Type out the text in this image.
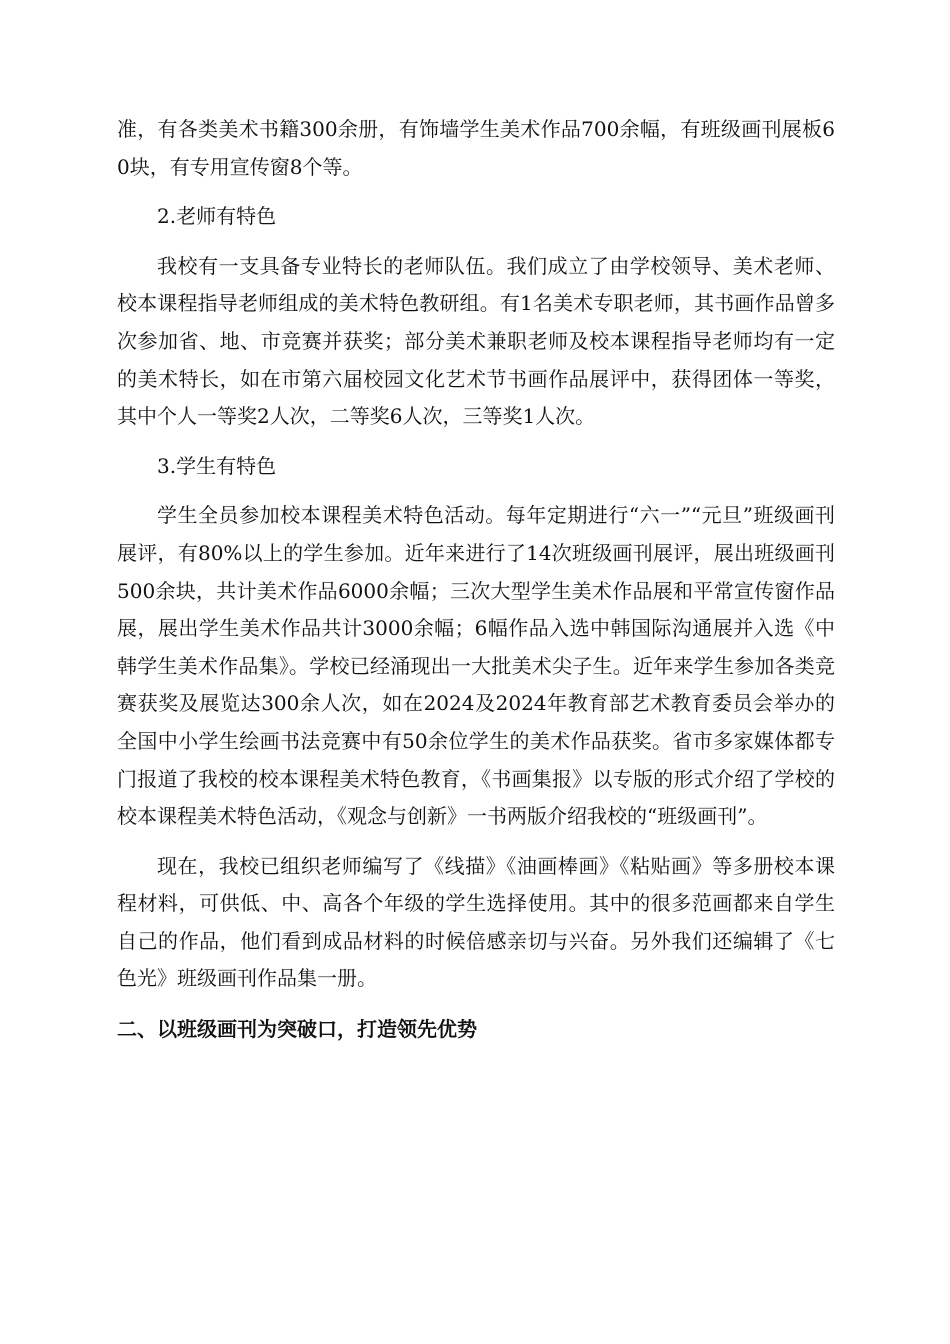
准，有各类美术书籍300余册，有饰墙学生美术作品700余幅，有班级画刊展板60块，有专用宣传窗8个等。

2.老师有特色

我校有一支具备专业特长的老师队伍。我们成立了由学校领导、美术老师、校本课程指导老师组成的美术特色教研组。有1名美术专职老师，其书画作品曾多次参加省、地、市竞赛并获奖；部分美术兼职老师及校本课程指导老师均有一定的美术特长，如在市第六届校园文化艺术节书画作品展评中，获得团体一等奖，其中个人一等奖2人次，二等奖6人次，三等奖1人次。

3.学生有特色

学生全员参加校本课程美术特色活动。每年定期进行“六一”“元旦”班级画刊展评，有80%以上的学生参加。近年来进行了14次班级画刊展评，展出班级画刊500余块，共计美术作品6000余幅；三次大型学生美术作品展和平常宣传窗作品展，展出学生美术作品共计3000余幅；6幅作品入选中韩国际沟通展并入选《中韩学生美术作品集》。学校已经涌现出一大批美术尖子生。近年来学生参加各类竞赛获奖及展览达300余人次，如在2024及2024年教育部艺术教育委员会举办的全国中小学生绘画书法竞赛中有50余位学生的美术作品获奖。省市多家媒体都专门报道了我校的校本课程美术特色教育，《书画集报》以专版的形式介绍了学校的校本课程美术特色活动，《观念与创新》一书两版介绍我校的“班级画刊”。

现在，我校已组织老师编写了《线描》《油画棒画》《粘贴画》等多册校本课程材料，可供低、中、高各个年级的学生选择使用。其中的很多范画都来自学生自己的作品，他们看到成品材料的时候倍感亲切与兴奋。另外我们还编辑了《七色光》班级画刊作品集一册。

二、以班级画刊为突破口，打造领先优势
